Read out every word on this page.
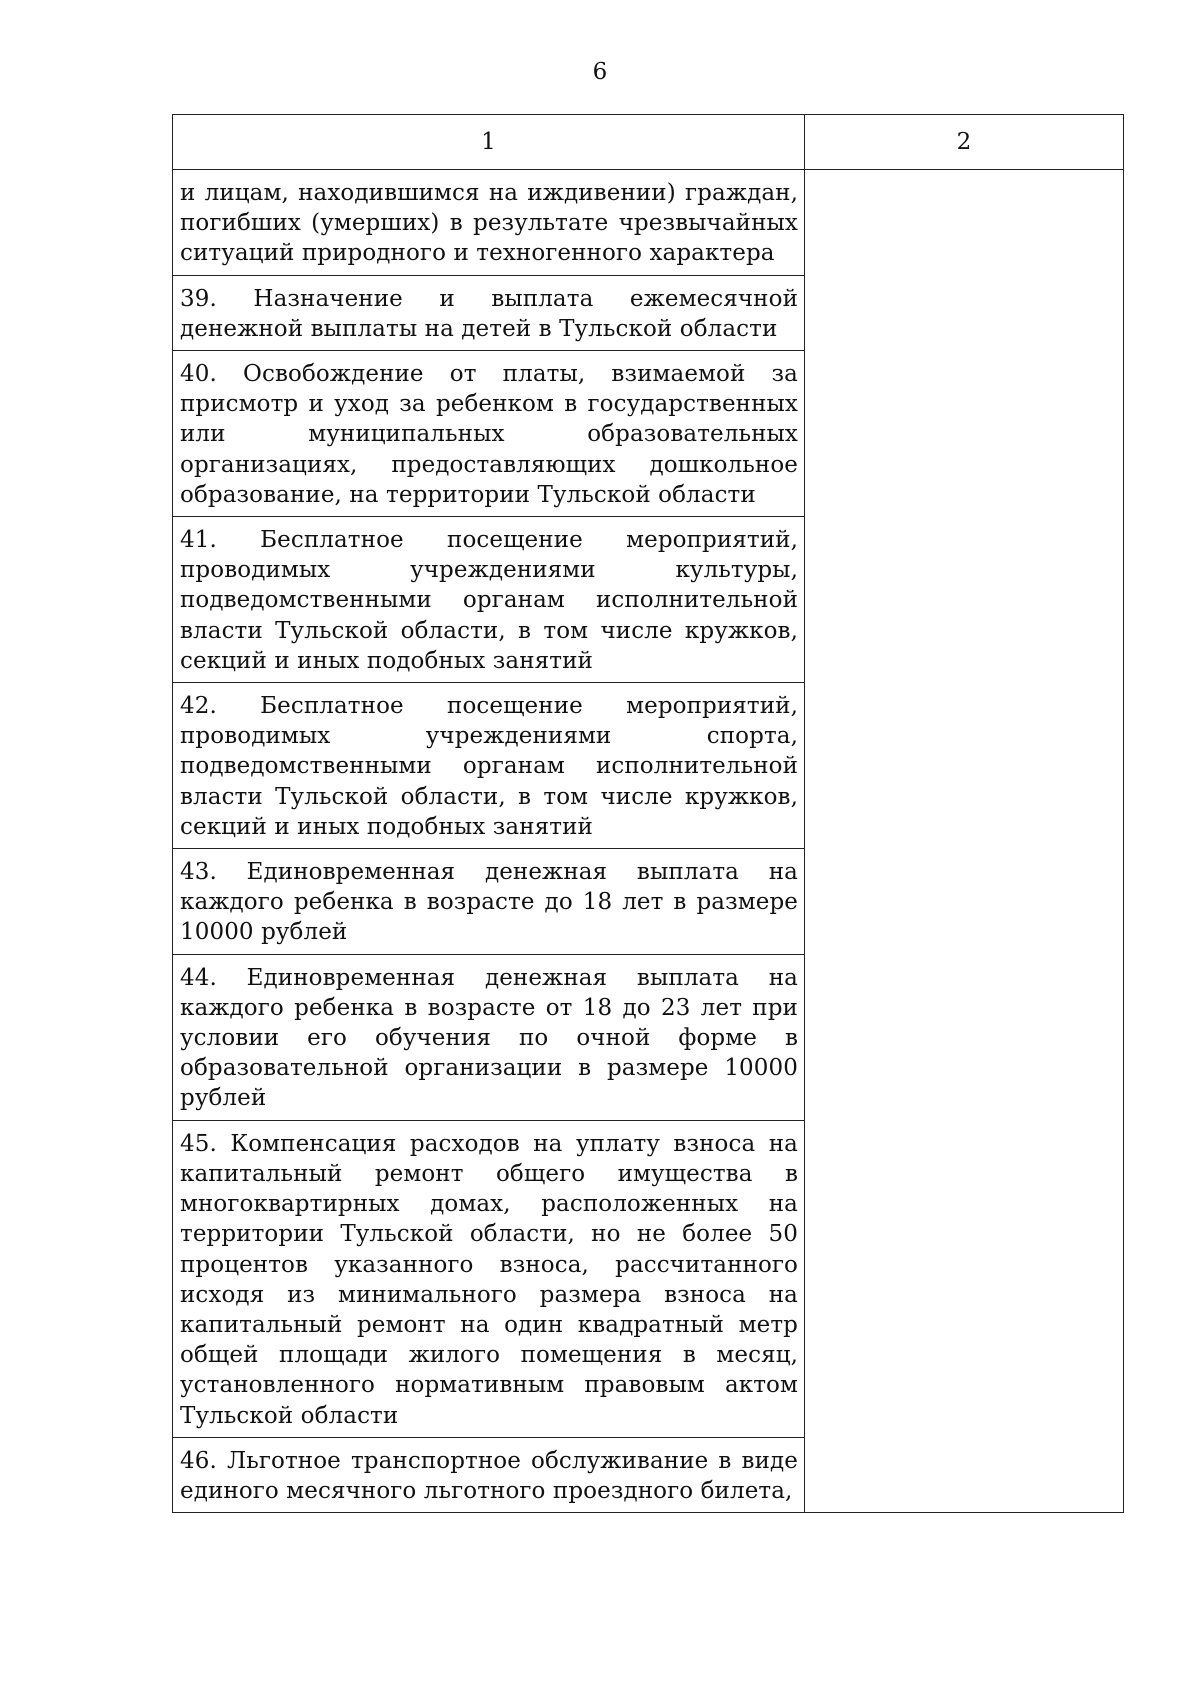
6
1	2
и лицам, находившимся на иждивении) граждан, погибших (умерших) в результате чрезвычайных ситуаций природного и техногенного характера	
39. Назначение и выплата ежемесячной денежной выплаты на детей в Тульской области	
40. Освобождение от платы, взимаемой за присмотр и уход за ребенком в государственных или муниципальных образовательных организациях, предоставляющих дошкольное образование, на территории Тульской области	
41. Бесплатное посещение мероприятий, проводимых учреждениями культуры, подведомственными органам исполнительной власти Тульской области, в том числе кружков, секций и иных подобных занятий	
42. Бесплатное посещение мероприятий, проводимых учреждениями спорта, подведомственными органам исполнительной власти Тульской области, в том числе кружков, секций и иных подобных занятий	
43. Единовременная денежная выплата на каждого ребенка в возрасте до 18 лет в размере 10000 рублей	
44. Единовременная денежная выплата на каждого ребенка в возрасте от 18 до 23 лет при условии его обучения по очной форме в образовательной организации в размере 10000 рублей	
45. Компенсация расходов на уплату взноса на капитальный ремонт общего имущества в многоквартирных домах, расположенных на территории Тульской области, но не более 50 процентов указанного взноса, рассчитанного исходя из минимального размера взноса на капитальный ремонт на один квадратный метр общей площади жилого помещения в месяц, установленного нормативным правовым актом Тульской области	
46. Льготное транспортное обслуживание в виде единого месячного льготного проездного билета,	
